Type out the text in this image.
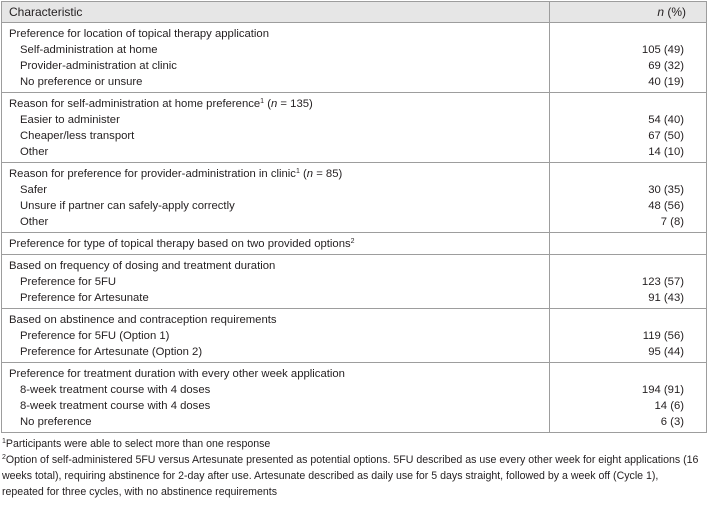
Characteristic	n (%)
Preference for location of topical therapy application	
Self-administration at home	105 (49)
Provider-administration at clinic	69 (32)
No preference or unsure	40 (19)
Reason for self-administration at home preference$^1$ (n = 135)	
Easier to administer	54 (40)
Cheaper/less transport	67 (50)
Other	14 (10)
Reason for preference for provider-administration in clinic$^1$ (n = 85)	
Safer	30 (35)
Unsure if partner can safely-apply correctly	48 (56)
Other	7 (8)
Preference for type of topical therapy based on two provided options$^2$	
Based on frequency of dosing and treatment duration	
Preference for 5FU	123 (57)
Preference for Artesunate	91 (43)
Based on abstinence and contraception requirements	
Preference for 5FU (Option 1)	119 (56)
Preference for Artesunate (Option 2)	95 (44)
Preference for treatment duration with every other week application	
8-week treatment course with 4 doses	194 (91)
8-week treatment course with 4 doses	14 (6)
No preference	6 (3)
$^1$Participants were able to select more than one response
$^2$Option of self-administered 5FU versus Artesunate presented as potential options. 5FU described as use every other week for eight applications (16 weeks total), requiring abstinence for 2-day after use. Artesunate described as daily use for 5 days straight, followed by a week off (Cycle 1), repeated for three cycles, with no abstinence requirements
